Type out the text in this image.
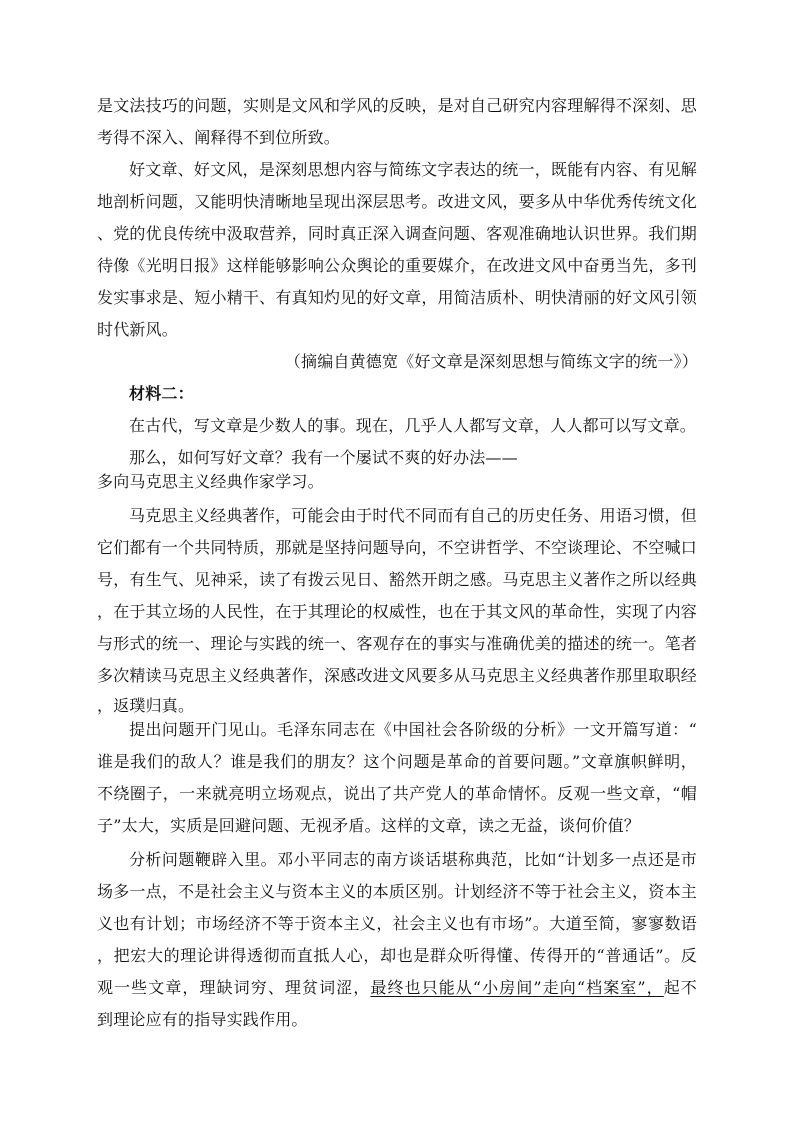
是文法技巧的问题，实则是文风和学风的反映，是对自己研究内容理解得不深刻、思
考得不深入、阐释得不到位所致。
好文章、好文风，是深刻思想内容与简练文字表达的统一，既能有内容、有见解
地剖析问题，又能明快清晰地呈现出深层思考。改进文风，要多从中华优秀传统文化
、党的优良传统中汲取营养，同时真正深入调查问题、客观准确地认识世界。我们期
待像《光明日报》这样能够影响公众舆论的重要媒介，在改进文风中奋勇当先，多刊
发实事求是、短小精干、有真知灼见的好文章，用简洁质朴、明快清丽的好文风引领
时代新风。
（摘编自黄德宽《好文章是深刻思想与简练文字的统一》）
材料二：
在古代，写文章是少数人的事。现在，几乎人人都写文章，人人都可以写文章。
那么，如何写好文章？我有一个屡试不爽的好办法——
多向马克思主义经典作家学习。
马克思主义经典著作，可能会由于时代不同而有自己的历史任务、用语习惯，但
它们都有一个共同特质，那就是坚持问题导向，不空讲哲学、不空谈理论、不空喊口
号，有生气、见神采，读了有拨云见日、豁然开朗之感。马克思主义著作之所以经典
，在于其立场的人民性，在于其理论的权威性，也在于其文风的革命性，实现了内容
与形式的统一、理论与实践的统一、客观存在的事实与准确优美的描述的统一。笔者
多次精读马克思主义经典著作，深感改进文风要多从马克思主义经典著作那里取职经
，返璞归真。
提出问题开门见山。毛泽东同志在《中国社会各阶级的分析》一文开篇写道：“
谁是我们的敌人？谁是我们的朋友？这个问题是革命的首要问题。”文章旗帜鲜明，
不绕圈子，一来就亮明立场观点，说出了共产党人的革命情怀。反观一些文章，“帽
子”太大，实质是回避问题、无视矛盾。这样的文章，读之无益，谈何价值？
分析问题鞭辟入里。邓小平同志的南方谈话堪称典范，比如“计划多一点还是市
场多一点，不是社会主义与资本主义的本质区别。计划经济不等于社会主义，资本主
义也有计划；市场经济不等于资本主义，社会主义也有市场”。大道至简，寥寥数语
，把宏大的理论讲得透彻而直抵人心，却也是群众听得懂、传得开的“普通话”。反
观一些文章，理缺词穷、理贫词涩，最终也只能从“小房间”走向“档案室”，起不
到理论应有的指导实践作用。
